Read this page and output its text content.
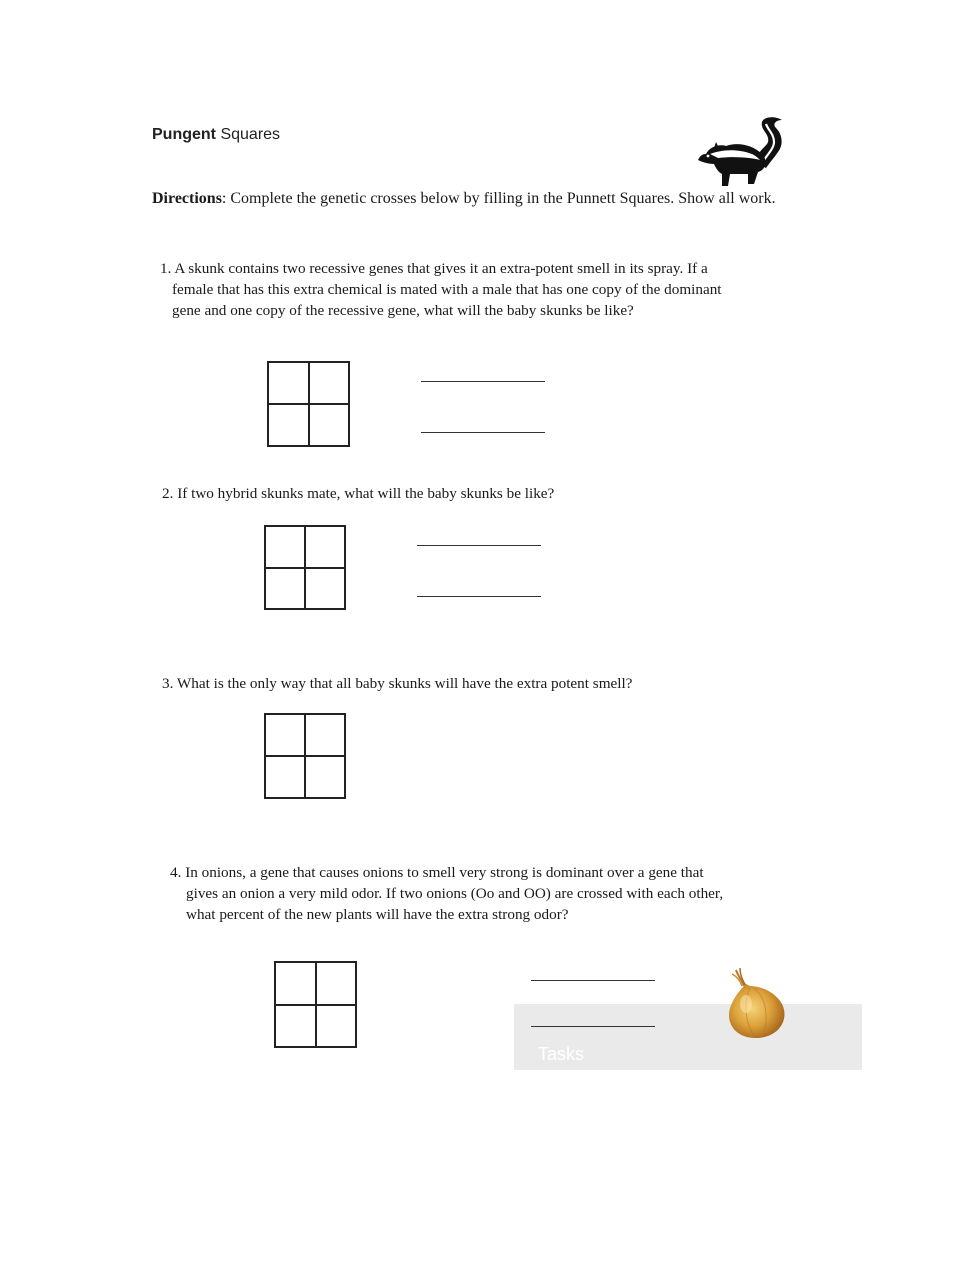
Pungent Squares
Directions: Complete the genetic crosses below by filling in the Punnett Squares. Show all work.
1. A skunk contains two recessive genes that gives it an extra-potent smell in its spray. If a
female that has this extra chemical is mated with a male that has one copy of the dominant
gene and one copy of the recessive gene, what will the baby skunks be like?
2. If two hybrid skunks mate, what will the baby skunks be like?
3. What is the only way that all baby skunks will have the extra potent smell?
4. In onions, a gene that causes onions to smell very strong is dominant over a gene that
gives an onion a very mild odor. If two onions (Oo and OO) are crossed with each other,
what percent of the new plants will have the extra strong odor?
Tasks
